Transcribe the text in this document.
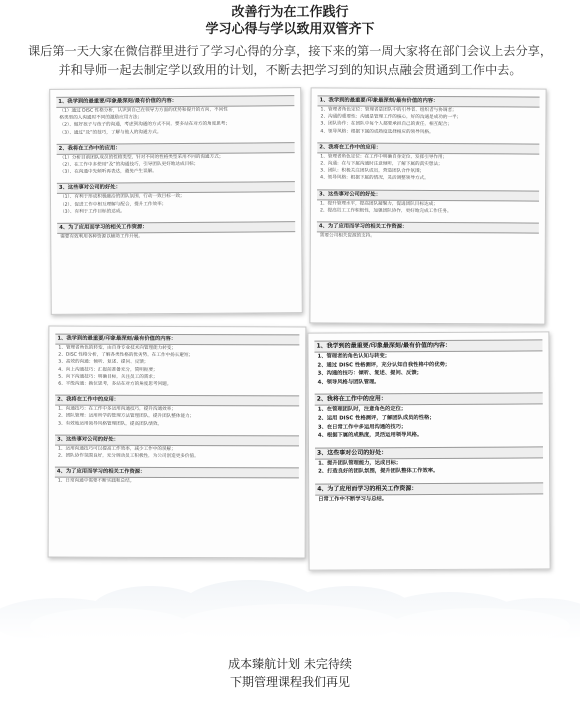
改善行为在工作践行
学习心得与学以致用双管齐下

课后第一天大家在微信群里进行了学习心得的分享，接下来的第一周大家将在部门会议上去分享，并和导师一起去制定学以致用的计划，不断去把学习到的知识点融会贯通到工作中去。

1、我学到的最重要/印象最深刻/最有价值的内容：
（1）通过 DISC 性格分析，认识到自己在领导力方面的优势和提升的方向，不同性
格类型的人沟通时不同的激励应用方法；
（2）、做好孩子与孩子的沟通，考虑到沟通的方式不同，要多站在对方的角度思考；
（3）、通过“及”的技巧，了解与他人的沟通方式。
2、我将在工作中的应用：
（1）分析目前团队成员的性格类型，针对不同的性格类型采用不同的沟通方式；
（2）、在工作中多使用“及”的沟通技巧，引导团队更好地达成目标；
（3）、在沟通中先倾听再表达，避免产生误解。
3、这些事对公司的好处：
（1）、有利于形成积极融洽的团队氛围，行动一致目标一致；
（2）、促进工作中相互理解与配合，提升工作效率；
（3）、有利于工作目标的达成。
4、为了应用而学习的相关工作资源：
需要有效利用各种资源以辅助工作开展。
1、我学到的最重要/印象最深刻/最有价值的内容：
1、管理者角色定位：管理者是团队中的引导者、组织者与协调者；
2、沟通的重要性：沟通是管理工作的核心，好的沟通是成功的一半；
3、团队协作：在团队中每个人都要承担自己的责任，相互配合；
4、领导风格：根据下属的成熟度选择相应的领导风格。
2、我将在工作中的应用：
1、管理者角色定位：在工作中明确自身定位，发挥引导作用；
2、沟通：在与下属沟通时注意倾听，了解下属的真实想法；
3、团队：积极关注团队成员，营造团队合作氛围；
4、领导风格：根据下属的情况，灵活调整领导方式。
3、这些事对公司的好处：
1、提升管理水平，提高团队凝聚力，促进团队目标达成；
2、提高员工工作积极性，加强团队协作，更好地完成工作任务。
4、为了应用而学习的相关工作资源：
需要公司相关资源的支持。
1、我学到的最重要/印象最深刻/最有价值的内容：
1、管理者角色的转变，由自身专业技术向管理能力转变；
2、DISC 性格分析，了解各类性格的优劣势，在工作中扬长避短；
3、高效的沟通：倾听、复述、提问、反馈；
4、向上沟通技巧：汇报前准备充分，简明扼要；
5、向下沟通技巧：明确目标，关注员工的需求；
6、平级沟通：换位思考，多站在对方的角度思考问题。
2、我将在工作中的应用：
1、沟通技巧：在工作中多运用沟通技巧，提升沟通效率；
2、团队管理：运用所学的管理方法管理团队，提升团队整体能力；
3、有效地运用领导风格管理团队，提高团队绩效。
3、这些事对公司的好处：
1、运用沟通技巧可以提高工作效率，减少工作中的误解；
2、团队协作氛围良好，充分调动员工积极性，为公司创造更多价值。
4、为了应用而学习的相关工作资源：
1、日常沟通中需要不断实践和总结。
1、我学到的最重要/印象最深刻/最有价值的内容：
1、管理者的角色认知与转变；
2、通过 DISC 性格测评，充分认知自我性格中的优势；
3、沟通的技巧：倾听、复述、提问、反馈；
4、领导风格与团队管理。
2、我将在工作中的应用：
1、在管理团队时，注意角色的定位；
2、运用 DISC 性格测评，了解团队成员的性格；
3、在日常工作中多运用沟通的技巧；
4、根据下属的成熟度，灵活运用领导风格。
3、这些事对公司的好处：
1、提升团队管理能力，达成目标；
2、打造良好的团队氛围，提升团队整体工作效率。
4、为了应用而学习的相关工作资源：
日常工作中不断学习与总结。
成本臻航计划 未完待续
下期管理课程我们再见
